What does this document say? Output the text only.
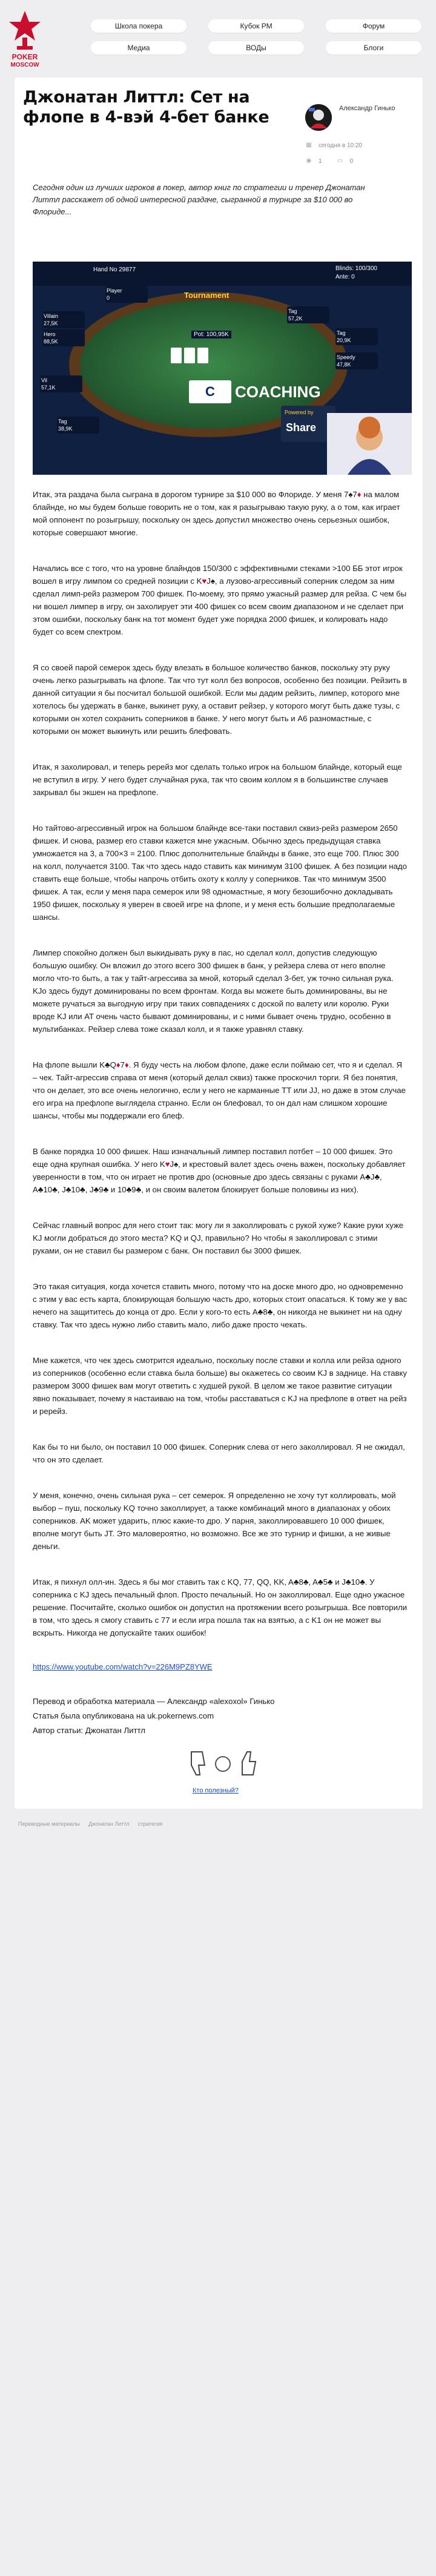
POKER
MOSCOW
Школа покера	Кубок РМ	Форум
Медиа	ВОДы	Блоги
Джонатан Литтл: Сет на флопе в 4-вэй 4-бет банке	Александр Гинько
▦ сегодня в 10:20
◉ 1	▭ 0
Сегодня один из лучших игроков в покер, автор книг по стратегии и тренер Джонатан Литтл расскажет об одной интересной раздаче, сыгранной в турнире за $10 000 во Флориде...
C
Hand No 29877	Blinds: 100/300
Ante: 0
Tournament
Pot: 100,95K
COACHING
Powered by
Share
Villain
27,5K
Hero
88,5K
Vil
57,1K
Tag
38,9K
Player
0
Tag
57,2K
Tag
20,9K
Speedy
47,8K
Итак, эта раздача была сыграна в дорогом турнире за $10 000 во Флориде. У меня 7♠7♦ на малом блайнде, но мы будем больше говорить не о том, как я разыгрываю такую руку, а о том, как играет мой оппонент по розыгрышу, поскольку он здесь допустил множество очень серьезных ошибок, которые совершают многие.
Начались все с того, что на уровне блайндов 150/300 с эффективными стеками >100 ББ этот игрок вошел в игру лимпом со средней позиции с K♥J♠, а лузово-агрессивный соперник следом за ним сделал лимп-рейз размером 700 фишек. По-моему, это прямо ужасный размер для рейза. С чем бы ни вошел лимпер в игру, он захолирует эти 400 фишек со всем своим диапазоном и не сделает при этом ошибки, поскольку банк на тот момент будет уже порядка 2000 фишек, и колировать надо будет со всем спектром.
Я со своей парой семерок здесь буду влезать в большое количество банков, поскольку эту руку очень легко разыгрывать на флопе. Так что тут колл без вопросов, особенно без позиции. Рейзить в данной ситуации я бы посчитал большой ошибкой. Если мы дадим рейзить, лимпер, которого мне хотелось бы удержать в банке, выкинет руку, а оставит рейзер, у которого могут быть даже тузы, с которыми он хотел сохранить соперников в банке. У него могут быть и A6 разномастные, с которыми он может выкинуть или решить блефовать.
Итак, я захолировал, и теперь ререйз мог сделать только игрок на большом блайнде, который еще не вступил в игру. У него будет случайная рука, так что своим коллом я в большинстве случаев закрывал бы экшен на префлопе.
Но тайтово-агрессивный игрок на большом блайнде все-таки поставил сквиз-рейз размером 2650 фишек. И снова, размер его ставки кажется мне ужасным. Обычно здесь предыдущая ставка умножается на 3, а 700×3 = 2100. Плюс дополнительные блайнды в банке, это еще 700. Плюс 300 на колл, получается 3100. Так что здесь надо ставить как минимум 3100 фишек. А без позиции надо ставить еще больше, чтобы напрочь отбить охоту к коллу у соперников. Так что минимум 3500 фишек. А так, если у меня пара семерок или 98 одномастные, я могу безошибочно докладывать 1950 фишек, поскольку я уверен в своей игре на флопе, и у меня есть большие предполагаемые шансы.
Лимпер спокойно должен был выкидывать руку в пас, но сделал колл, допустив следующую большую ошибку. Он вложил до этого всего 300 фишек в банк, у рейзера слева от него вполне могло что-то быть, а так у тайт-агрессива за мной, который сделал 3-бет, уж точно сильная рука. KJo здесь будут доминированы по всем фронтам. Когда вы можете быть доминированы, вы не можете ручаться за выгодную игру при таких совпадениях с доской по валету или королю. Руки вроде KJ или AT очень часто бывают доминированы, и с ними бывает очень трудно, особенно в мультибанках. Рейзер слева тоже сказал колл, и я также уравнял ставку.
На флопе вышли K♣Q♦7♦. Я буду честь на любом флопе, даже если поймаю сет, что я и сделал. Я – чек. Тайт-агрессив справа от меня (который делал сквиз) также проскочил торги. Я без понятия, что он делает, это все очень нелогично, если у него не карманные TT или JJ, но даже в этом случае его игра на префлопе выглядела странно. Если он блефовал, то он дал нам слишком хорошие шансы, чтобы мы поддержали его блеф.
В банке порядка 10 000 фишек. Наш изначальный лимпер поставил потбет – 10 000 фишек. Это еще одна крупная ошибка. У него K♥J♠, и крестовый валет здесь очень важен, поскольку добавляет уверенности в том, что он играет не против дро (основные дро здесь связаны с руками A♣J♣, A♣10♣, J♣10♣, J♣9♣ и 10♣9♣, и он своим валетом блокирует больше половины из них).
Сейчас главный вопрос для него стоит так: могу ли я заколлировать с рукой хуже? Какие руки хуже KJ могли добраться до этого места? KQ и QJ, правильно? Но чтобы я заколлировал с этими руками, он не ставил бы размером с банк. Он поставил бы 3000 фишек.
Это такая ситуация, когда хочется ставить много, потому что на доске много дро, но одновременно с этим у вас есть карта, блокирующая большую часть дро, которых стоит опасаться. К тому же у вас нечего на защититесь до конца от дро. Если у кого-то есть A♣8♣, он никогда не выкинет ни на одну ставку. Так что здесь нужно либо ставить мало, либо даже просто чекать.
Мне кажется, что чек здесь смотрится идеально, поскольку после ставки и колла или рейза одного из соперников (особенно если ставка была больше) вы окажетесь со своим KJ в заднице. На ставку размером 3000 фишек вам могут ответить с худшей рукой. В целом же такое развитие ситуации явно показывает, почему я настаиваю на том, чтобы расставаться с KJ на префлопе в ответ на рейз и ререйз.
Как бы то ни было, он поставил 10 000 фишек. Соперник слева от него заколлировал. Я не ожидал, что он это сделает.
У меня, конечно, очень сильная рука – сет семерок. Я определенно не хочу тут коллировать, мой выбор – пуш, поскольку KQ точно заколлирует, а также комбинаций много в диапазонах у обоих соперников. AK может ударить, плюс какие-то дро. У парня, заколлировавшего 10 000 фишек, вполне могут быть JT. Это маловероятно, но возможно. Все же это турнир и фишки, а не живые деньги.
Итак, я пихнул олл-ин. Здесь я бы мог ставить так с KQ, 77, QQ, KK, A♣8♣, A♣5♣ и J♣10♣. У соперника с KJ здесь печальный флоп. Просто печальный. Но он заколлировал. Еще одно ужасное решение. Посчитайте, сколько ошибок он допустил на протяжении всего розыгрыша. Все повторили в том, что здесь я смогу ставить с 77 и если игра пошла так на взятью, а с K1 он не может вы вскрыть. Никогда не допускайте таких ошибок!
https://www.youtube.com/watch?v=226M9PZ8YWE
Перевод и обработка материала — Александр «alexoxol» Гинько
Статья была опубликована на uk.pokernews.com
Автор статьи: Джонатан Литтл
Кто полезный?
Переводные материалы Джонатан Литтл стратегия
